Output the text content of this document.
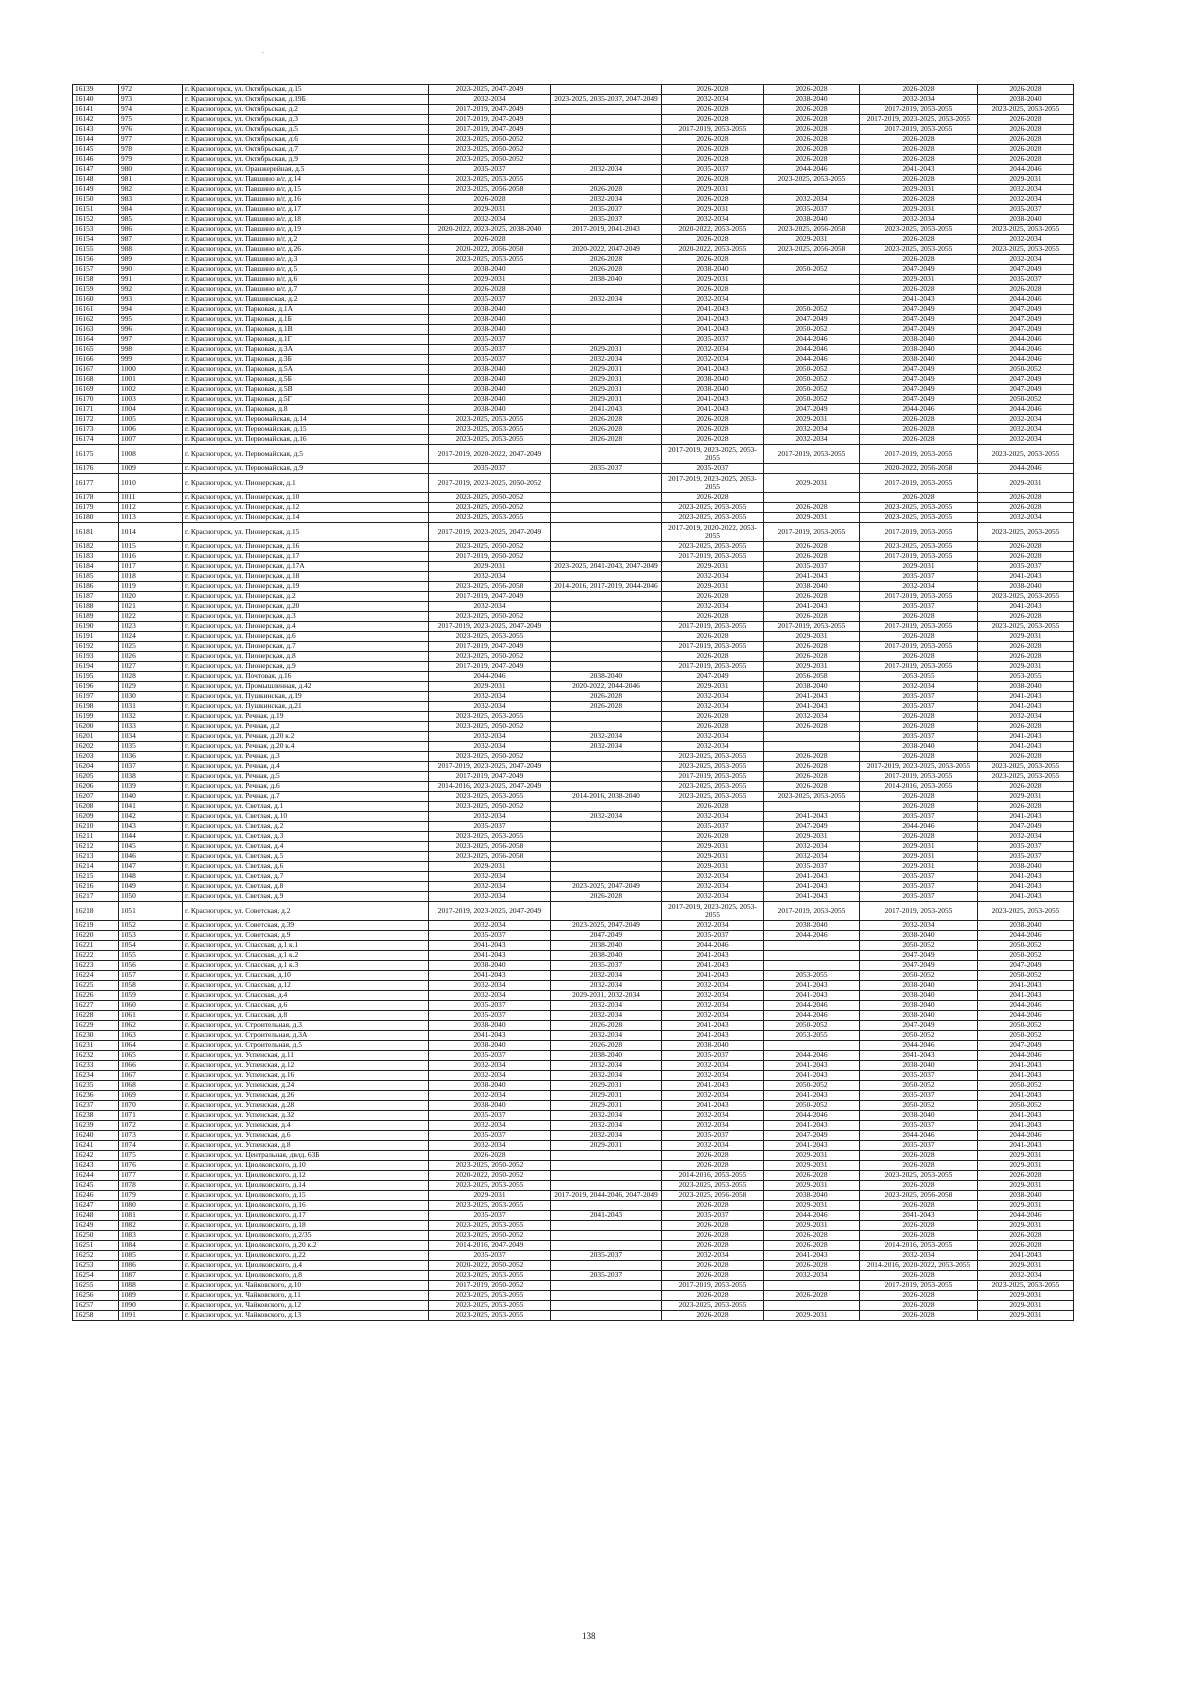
-
16139	972	г. Красногорск, ул. Октябрьская, д.15	2023-2025, 2047-2049		2026-2028	2026-2028	2026-2028	2026-2028
16140	973	г. Красногорск, ул. Октябрьская, д.19Б	2032-2034	2023-2025, 2035-2037, 2047-2049	2032-2034	2038-2040	2032-2034	2038-2040
16141	974	г. Красногорск, ул. Октябрьская, д.2	2017-2019, 2047-2049		2026-2028	2026-2028	2017-2019, 2053-2055	2023-2025, 2053-2055
16142	975	г. Красногорск, ул. Октябрьская, д.3	2017-2019, 2047-2049		2026-2028	2026-2028	2017-2019, 2023-2025, 2053-2055	2026-2028
16143	976	г. Красногорск, ул. Октябрьская, д.5	2017-2019, 2047-2049		2017-2019, 2053-2055	2026-2028	2017-2019, 2053-2055	2026-2028
16144	977	г. Красногорск, ул. Октябрьская, д.6	2023-2025, 2050-2052		2026-2028	2026-2028	2026-2028	2026-2028
16145	978	г. Красногорск, ул. Октябрьская, д.7	2023-2025, 2050-2052		2026-2028	2026-2028	2026-2028	2026-2028
16146	979	г. Красногорск, ул. Октябрьская, д.9	2023-2025, 2050-2052		2026-2028	2026-2028	2026-2028	2026-2028
16147	980	г. Красногорск, ул. Оранжерейная, д.5	2035-2037	2032-2034	2035-2037	2044-2046	2041-2043	2044-2046
16148	981	г. Красногорск, ул. Павшино в/г, д.14	2023-2025, 2053-2055		2026-2028	2023-2025, 2053-2055	2026-2028	2029-2031
16149	982	г. Красногорск, ул. Павшино в/г, д.15	2023-2025, 2056-2058	2026-2028	2029-2031		2029-2031	2032-2034
16150	983	г. Красногорск, ул. Павшино в/г, д.16	2026-2028	2032-2034	2026-2028	2032-2034	2026-2028	2032-2034
16151	984	г. Красногорск, ул. Павшино в/г, д.17	2029-2031	2035-2037	2029-2031	2035-2037	2029-2031	2035-2037
16152	985	г. Красногорск, ул. Павшино в/г, д.18	2032-2034	2035-2037	2032-2034	2038-2040	2032-2034	2038-2040
16153	986	г. Красногорск, ул. Павшино в/г, д.19	2020-2022, 2023-2025, 2038-2040	2017-2019, 2041-2043	2020-2022, 2053-2055	2023-2025, 2056-2058	2023-2025, 2053-2055	2023-2025, 2053-2055
16154	987	г. Красногорск, ул. Павшино в/г, д.2	2026-2028		2026-2028	2029-2031	2026-2028	2032-2034
16155	988	г. Красногорск, ул. Павшино в/г, д.26	2020-2022, 2056-2058	2020-2022, 2047-2049	2020-2022, 2053-2055	2023-2025, 2056-2058	2023-2025, 2053-2055	2023-2025, 2053-2055
16156	989	г. Красногорск, ул. Павшино в/г, д.3	2023-2025, 2053-2055	2026-2028	2026-2028		2026-2028	2032-2034
16157	990	г. Красногорск, ул. Павшино в/г, д.5	2038-2040	2026-2028	2038-2040	2050-2052	2047-2049	2047-2049
16158	991	г. Красногорск, ул. Павшино в/г, д.6	2029-2031	2038-2040	2029-2031		2029-2031	2035-2037
16159	992	г. Красногорск, ул. Павшино в/г, д.7	2026-2028		2026-2028		2026-2028	2026-2028
16160	993	г. Красногорск, ул. Павшинская, д.2	2035-2037	2032-2034	2032-2034		2041-2043	2044-2046
16161	994	г. Красногорск, ул. Парковая, д.1А	2038-2040		2041-2043	2050-2052	2047-2049	2047-2049
16162	995	г. Красногорск, ул. Парковая, д.1Б	2038-2040		2041-2043	2047-2049	2047-2049	2047-2049
16163	996	г. Красногорск, ул. Парковая, д.1В	2038-2040		2041-2043	2050-2052	2047-2049	2047-2049
16164	997	г. Красногорск, ул. Парковая, д.1Г	2035-2037		2035-2037	2044-2046	2038-2040	2044-2046
16165	998	г. Красногорск, ул. Парковая, д.3А	2035-2037	2029-2031	2032-2034	2044-2046	2038-2040	2044-2046
16166	999	г. Красногорск, ул. Парковая, д.3Б	2035-2037	2032-2034	2032-2034	2044-2046	2038-2040	2044-2046
16167	1000	г. Красногорск, ул. Парковая, д.5А	2038-2040	2029-2031	2041-2043	2050-2052	2047-2049	2050-2052
16168	1001	г. Красногорск, ул. Парковая, д.5Б	2038-2040	2029-2031	2038-2040	2050-2052	2047-2049	2047-2049
16169	1002	г. Красногорск, ул. Парковая, д.5В	2038-2040	2029-2031	2038-2040	2050-2052	2047-2049	2047-2049
16170	1003	г. Красногорск, ул. Парковая, д.5Г	2038-2040	2029-2031	2041-2043	2050-2052	2047-2049	2050-2052
16171	1004	г. Красногорск, ул. Парковая, д.8	2038-2040	2041-2043	2041-2043	2047-2049	2044-2046	2044-2046
16172	1005	г. Красногорск, ул. Первомайская, д.14	2023-2025, 2053-2055	2026-2028	2026-2028	2029-2031	2026-2028	2032-2034
16173	1006	г. Красногорск, ул. Первомайская, д.15	2023-2025, 2053-2055	2026-2028	2026-2028	2032-2034	2026-2028	2032-2034
16174	1007	г. Красногорск, ул. Первомайская, д.16	2023-2025, 2053-2055	2026-2028	2026-2028	2032-2034	2026-2028	2032-2034
16175	1008	г. Красногорск, ул. Первомайская, д.5	2017-2019, 2020-2022, 2047-2049		2017-2019, 2023-2025, 2053-2055	2017-2019, 2053-2055	2017-2019, 2053-2055	2023-2025, 2053-2055
16176	1009	г. Красногорск, ул. Первомайская, д.9	2035-2037	2035-2037	2035-2037		2020-2022, 2056-2058	2044-2046
16177	1010	г. Красногорск, ул. Пионерская, д.1	2017-2019, 2023-2025, 2050-2052		2017-2019, 2023-2025, 2053-2055	2029-2031	2017-2019, 2053-2055	2029-2031
16178	1011	г. Красногорск, ул. Пионерская, д.10	2023-2025, 2050-2052		2026-2028		2026-2028	2026-2028
16179	1012	г. Красногорск, ул. Пионерская, д.12	2023-2025, 2050-2052		2023-2025, 2053-2055	2026-2028	2023-2025, 2053-2055	2026-2028
16180	1013	г. Красногорск, ул. Пионерская, д.14	2023-2025, 2053-2055		2023-2025, 2053-2055	2029-2031	2023-2025, 2053-2055	2032-2034
16181	1014	г. Красногорск, ул. Пионерская, д.15	2017-2019, 2023-2025, 2047-2049		2017-2019, 2020-2022, 2053-2055	2017-2019, 2053-2055	2017-2019, 2053-2055	2023-2025, 2053-2055
16182	1015	г. Красногорск, ул. Пионерская, д.16	2023-2025, 2050-2052		2023-2025, 2053-2055	2026-2028	2023-2025, 2053-2055	2026-2028
16183	1016	г. Красногорск, ул. Пионерская, д.17	2017-2019, 2050-2052		2017-2019, 2053-2055	2026-2028	2017-2019, 2053-2055	2026-2028
16184	1017	г. Красногорск, ул. Пионерская, д.17А	2029-2031	2023-2025, 2041-2043, 2047-2049	2029-2031	2035-2037	2029-2031	2035-2037
16185	1018	г. Красногорск, ул. Пионерская, д.18	2032-2034		2032-2034	2041-2043	2035-2037	2041-2043
16186	1019	г. Красногорск, ул. Пионерская, д.19	2023-2025, 2056-2058	2014-2016, 2017-2019, 2044-2046	2029-2031	2038-2040	2032-2034	2038-2040
16187	1020	г. Красногорск, ул. Пионерская, д.2	2017-2019, 2047-2049		2026-2028	2026-2028	2017-2019, 2053-2055	2023-2025, 2053-2055
16188	1021	г. Красногорск, ул. Пионерская, д.20	2032-2034		2032-2034	2041-2043	2035-2037	2041-2043
16189	1022	г. Красногорск, ул. Пионерская, д.3	2023-2025, 2050-2052		2026-2028	2026-2028	2026-2028	2026-2028
16190	1023	г. Красногорск, ул. Пионерская, д.4	2017-2019, 2023-2025, 2047-2049		2017-2019, 2053-2055	2017-2019, 2053-2055	2017-2019, 2053-2055	2023-2025, 2053-2055
16191	1024	г. Красногорск, ул. Пионерская, д.6	2023-2025, 2053-2055		2026-2028	2029-2031	2026-2028	2029-2031
16192	1025	г. Красногорск, ул. Пионерская, д.7	2017-2019, 2047-2049		2017-2019, 2053-2055	2026-2028	2017-2019, 2053-2055	2026-2028
16193	1026	г. Красногорск, ул. Пионерская, д.8	2023-2025, 2050-2052		2026-2028	2026-2028	2026-2028	2026-2028
16194	1027	г. Красногорск, ул. Пионерская, д.9	2017-2019, 2047-2049		2017-2019, 2053-2055	2029-2031	2017-2019, 2053-2055	2029-2031
16195	1028	г. Красногорск, ул. Почтовая, д.16	2044-2046	2038-2040	2047-2049	2056-2058	2053-2055	2053-2055
16196	1029	г. Красногорск, ул. Промышленная, д.42	2029-2031	2020-2022, 2044-2046	2029-2031	2038-2040	2032-2034	2038-2040
16197	1030	г. Красногорск, ул. Пушкинская, д.19	2032-2034	2026-2028	2032-2034	2041-2043	2035-2037	2041-2043
16198	1031	г. Красногорск, ул. Пушкинская, д.21	2032-2034	2026-2028	2032-2034	2041-2043	2035-2037	2041-2043
16199	1032	г. Красногорск, ул. Речная, д.19	2023-2025, 2053-2055		2026-2028	2032-2034	2026-2028	2032-2034
16200	1033	г. Красногорск, ул. Речная, д.2	2023-2025, 2050-2052		2026-2028	2026-2028	2026-2028	2026-2028
16201	1034	г. Красногорск, ул. Речная, д.20 к.2	2032-2034	2032-2034	2032-2034		2035-2037	2041-2043
16202	1035	г. Красногорск, ул. Речная, д.20 к.4	2032-2034	2032-2034	2032-2034		2038-2040	2041-2043
16203	1036	г. Красногорск, ул. Речная, д.3	2023-2025, 2050-2052		2023-2025, 2053-2055	2026-2028	2026-2028	2026-2028
16204	1037	г. Красногорск, ул. Речная, д.4	2017-2019, 2023-2025, 2047-2049		2023-2025, 2053-2055	2026-2028	2017-2019, 2023-2025, 2053-2055	2023-2025, 2053-2055
16205	1038	г. Красногорск, ул. Речная, д.5	2017-2019, 2047-2049		2017-2019, 2053-2055	2026-2028	2017-2019, 2053-2055	2023-2025, 2053-2055
16206	1039	г. Красногорск, ул. Речная, д.6	2014-2016, 2023-2025, 2047-2049		2023-2025, 2053-2055	2026-2028	2014-2016, 2053-2055	2026-2028
16207	1040	г. Красногорск, ул. Речная, д.7	2023-2025, 2053-2055	2014-2016, 2038-2040	2023-2025, 2053-2055	2023-2025, 2053-2055	2026-2028	2029-2031
16208	1041	г. Красногорск, ул. Светлая, д.1	2023-2025, 2050-2052		2026-2028		2026-2028	2026-2028
16209	1042	г. Красногорск, ул. Светлая, д.10	2032-2034	2032-2034	2032-2034	2041-2043	2035-2037	2041-2043
16210	1043	г. Красногорск, ул. Светлая, д.2	2035-2037		2035-2037	2047-2049	2044-2046	2047-2049
16211	1044	г. Красногорск, ул. Светлая, д.3	2023-2025, 2053-2055		2026-2028	2029-2031	2026-2028	2032-2034
16212	1045	г. Красногорск, ул. Светлая, д.4	2023-2025, 2056-2058		2029-2031	2032-2034	2029-2031	2035-2037
16213	1046	г. Красногорск, ул. Светлая, д.5	2023-2025, 2056-2058		2029-2031	2032-2034	2029-2031	2035-2037
16214	1047	г. Красногорск, ул. Светлая, д.6	2029-2031		2029-2031	2035-2037	2029-2031	2038-2040
16215	1048	г. Красногорск, ул. Светлая, д.7	2032-2034		2032-2034	2041-2043	2035-2037	2041-2043
16216	1049	г. Красногорск, ул. Светлая, д.8	2032-2034	2023-2025, 2047-2049	2032-2034	2041-2043	2035-2037	2041-2043
16217	1050	г. Красногорск, ул. Светлая, д.9	2032-2034	2026-2028	2032-2034	2041-2043	2035-2037	2041-2043
16218	1051	г. Красногорск, ул. Советская, д.2	2017-2019, 2023-2025, 2047-2049		2017-2019, 2023-2025, 2053-2055	2017-2019, 2053-2055	2017-2019, 2053-2055	2023-2025, 2053-2055
16219	1052	г. Красногорск, ул. Советская, д.39	2032-2034	2023-2025, 2047-2049	2032-2034	2038-2040	2032-2034	2038-2040
16220	1053	г. Красногорск, ул. Советская, д.9	2035-2037	2047-2049	2035-2037	2044-2046	2038-2040	2044-2046
16221	1054	г. Красногорск, ул. Спасская, д.1 к.1	2041-2043	2038-2040	2044-2046		2050-2052	2050-2052
16222	1055	г. Красногорск, ул. Спасская, д.1 к.2	2041-2043	2038-2040	2041-2043		2047-2049	2050-2052
16223	1056	г. Красногорск, ул. Спасская, д.1 к.3	2038-2040	2035-2037	2041-2043		2047-2049	2047-2049
16224	1057	г. Красногорск, ул. Спасская, д.10	2041-2043	2032-2034	2041-2043	2053-2055	2050-2052	2050-2052
16225	1058	г. Красногорск, ул. Спасская, д.12	2032-2034	2032-2034	2032-2034	2041-2043	2038-2040	2041-2043
16226	1059	г. Красногорск, ул. Спасская, д.4	2032-2034	2029-2031, 2032-2034	2032-2034	2041-2043	2038-2040	2041-2043
16227	1060	г. Красногорск, ул. Спасская, д.6	2035-2037	2032-2034	2032-2034	2044-2046	2038-2040	2044-2046
16228	1061	г. Красногорск, ул. Спасская, д.8	2035-2037	2032-2034	2032-2034	2044-2046	2038-2040	2044-2046
16229	1062	г. Красногорск, ул. Строительная, д.3	2038-2040	2026-2028	2041-2043	2050-2052	2047-2049	2050-2052
16230	1063	г. Красногорск, ул. Строительная, д.3А	2041-2043	2032-2034	2041-2043	2053-2055	2050-2052	2050-2052
16231	1064	г. Красногорск, ул. Строительная, д.5	2038-2040	2026-2028	2038-2040		2044-2046	2047-2049
16232	1065	г. Красногорск, ул. Успенская, д.11	2035-2037	2038-2040	2035-2037	2044-2046	2041-2043	2044-2046
16233	1066	г. Красногорск, ул. Успенская, д.12	2032-2034	2032-2034	2032-2034	2041-2043	2038-2040	2041-2043
16234	1067	г. Красногорск, ул. Успенская, д.16	2032-2034	2032-2034	2032-2034	2041-2043	2035-2037	2041-2043
16235	1068	г. Красногорск, ул. Успенская, д.24	2038-2040	2029-2031	2041-2043	2050-2052	2050-2052	2050-2052
16236	1069	г. Красногорск, ул. Успенская, д.26	2032-2034	2029-2031	2032-2034	2041-2043	2035-2037	2041-2043
16237	1070	г. Красногорск, ул. Успенская, д.28	2038-2040	2029-2031	2041-2043	2050-2052	2050-2052	2050-2052
16238	1071	г. Красногорск, ул. Успенская, д.32	2035-2037	2032-2034	2032-2034	2044-2046	2038-2040	2041-2043
16239	1072	г. Красногорск, ул. Успенская, д.4	2032-2034	2032-2034	2032-2034	2041-2043	2035-2037	2041-2043
16240	1073	г. Красногорск, ул. Успенская, д.6	2035-2037	2032-2034	2035-2037	2047-2049	2044-2046	2044-2046
16241	1074	г. Красногорск, ул. Успенская, д.8	2032-2034	2029-2031	2032-2034	2041-2043	2035-2037	2041-2043
16242	1075	г. Красногорск, ул. Центральная, двлд. 63Б	2026-2028		2026-2028	2029-2031	2026-2028	2029-2031
16243	1076	г. Красногорск, ул. Циолковского, д.10	2023-2025, 2050-2052		2026-2028	2029-2031	2026-2028	2029-2031
16244	1077	г. Красногорск, ул. Циолковского, д.12	2020-2022, 2050-2052		2014-2016, 2053-2055	2026-2028	2023-2025, 2053-2055	2026-2028
16245	1078	г. Красногорск, ул. Циолковского, д.14	2023-2025, 2053-2055		2023-2025, 2053-2055	2029-2031	2026-2028	2029-2031
16246	1079	г. Красногорск, ул. Циолковского, д.15	2029-2031	2017-2019, 2044-2046, 2047-2049	2023-2025, 2056-2058	2038-2040	2023-2025, 2056-2058	2038-2040
16247	1080	г. Красногорск, ул. Циолковского, д.16	2023-2025, 2053-2055		2026-2028	2029-2031	2026-2028	2029-2031
16248	1081	г. Красногорск, ул. Циолковского, д.17	2035-2037	2041-2043	2035-2037	2044-2046	2041-2043	2044-2046
16249	1082	г. Красногорск, ул. Циолковского, д.18	2023-2025, 2053-2055		2026-2028	2029-2031	2026-2028	2029-2031
16250	1083	г. Красногорск, ул. Циолковского, д.2/35	2023-2025, 2050-2052		2026-2028	2026-2028	2026-2028	2026-2028
16251	1084	г. Красногорск, ул. Циолковского, д.20 к.2	2014-2016, 2047-2049		2026-2028	2026-2028	2014-2016, 2053-2055	2026-2028
16252	1085	г. Красногорск, ул. Циолковского, д.22	2035-2037	2035-2037	2032-2034	2041-2043	2032-2034	2041-2043
16253	1086	г. Красногорск, ул. Циолковского, д.4	2020-2022, 2050-2052		2026-2028	2026-2028	2014-2016, 2020-2022, 2053-2055	2029-2031
16254	1087	г. Красногорск, ул. Циолковского, д.8	2023-2025, 2053-2055	2035-2037	2026-2028	2032-2034	2026-2028	2032-2034
16255	1088	г. Красногорск, ул. Чайковского, д.10	2017-2019, 2050-2052		2017-2019, 2053-2055		2017-2019, 2053-2055	2023-2025, 2053-2055
16256	1089	г. Красногорск, ул. Чайковского, д.11	2023-2025, 2053-2055		2026-2028	2026-2028	2026-2028	2029-2031
16257	1090	г. Красногорск, ул. Чайковского, д.12	2023-2025, 2053-2055		2023-2025, 2053-2055		2026-2028	2029-2031
16258	1091	г. Красногорск, ул. Чайковского, д.13	2023-2025, 2053-2055		2026-2028	2029-2031	2026-2028	2029-2031
138
